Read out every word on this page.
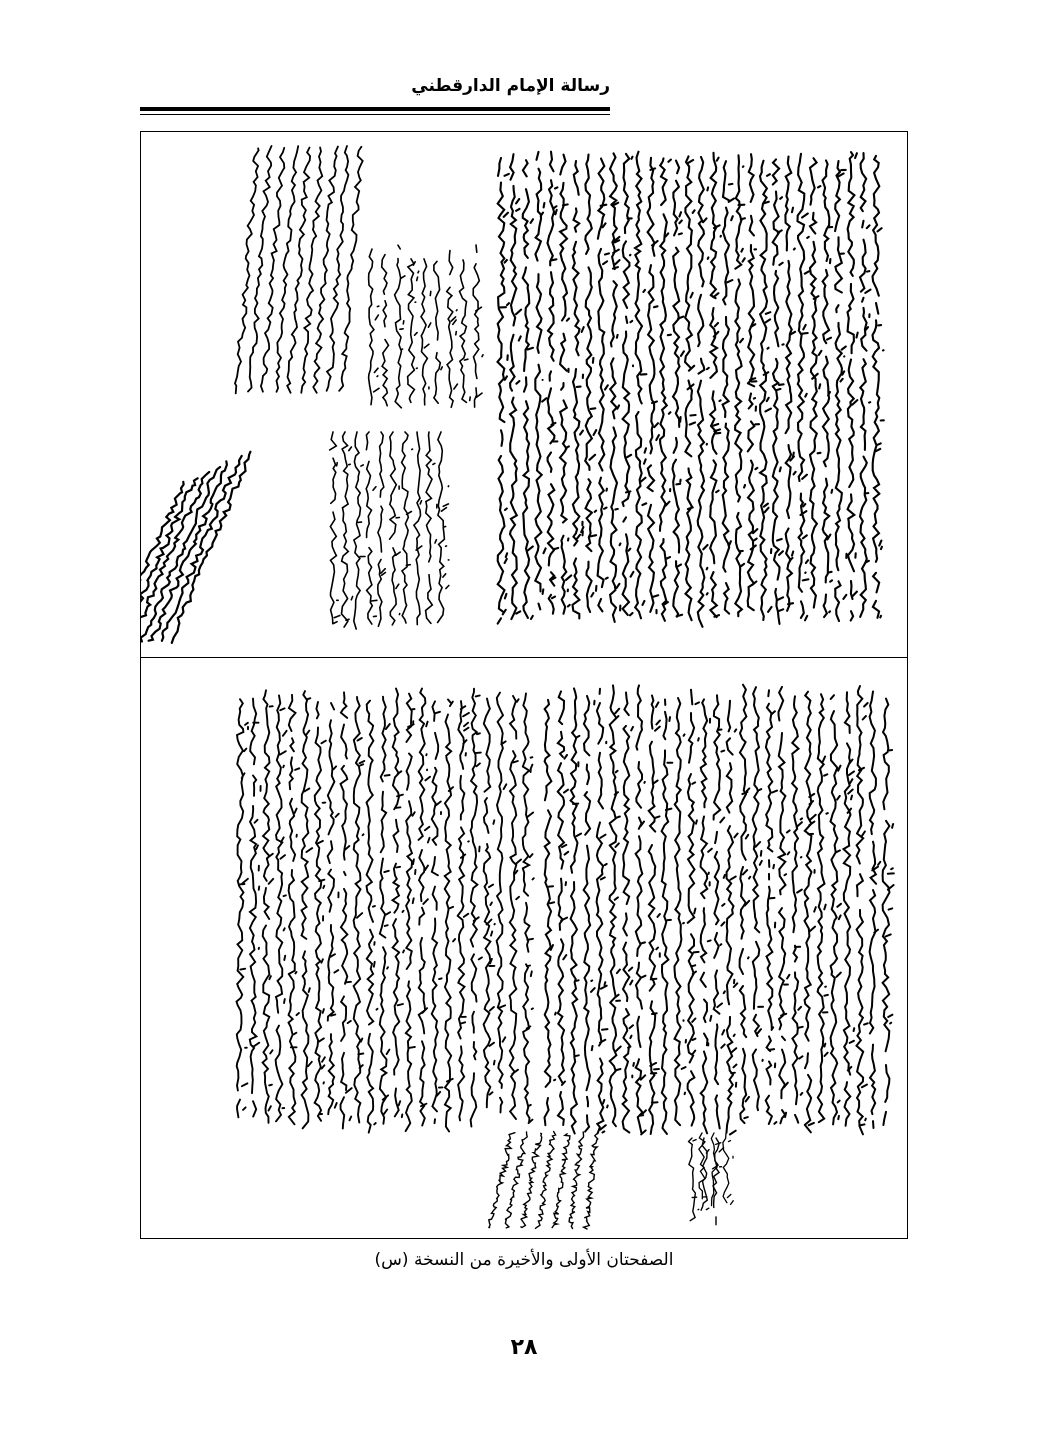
رسالة الإمام الدارقطني
الصفحتان الأولى والأخيرة من النسخة (س)
٢٨
